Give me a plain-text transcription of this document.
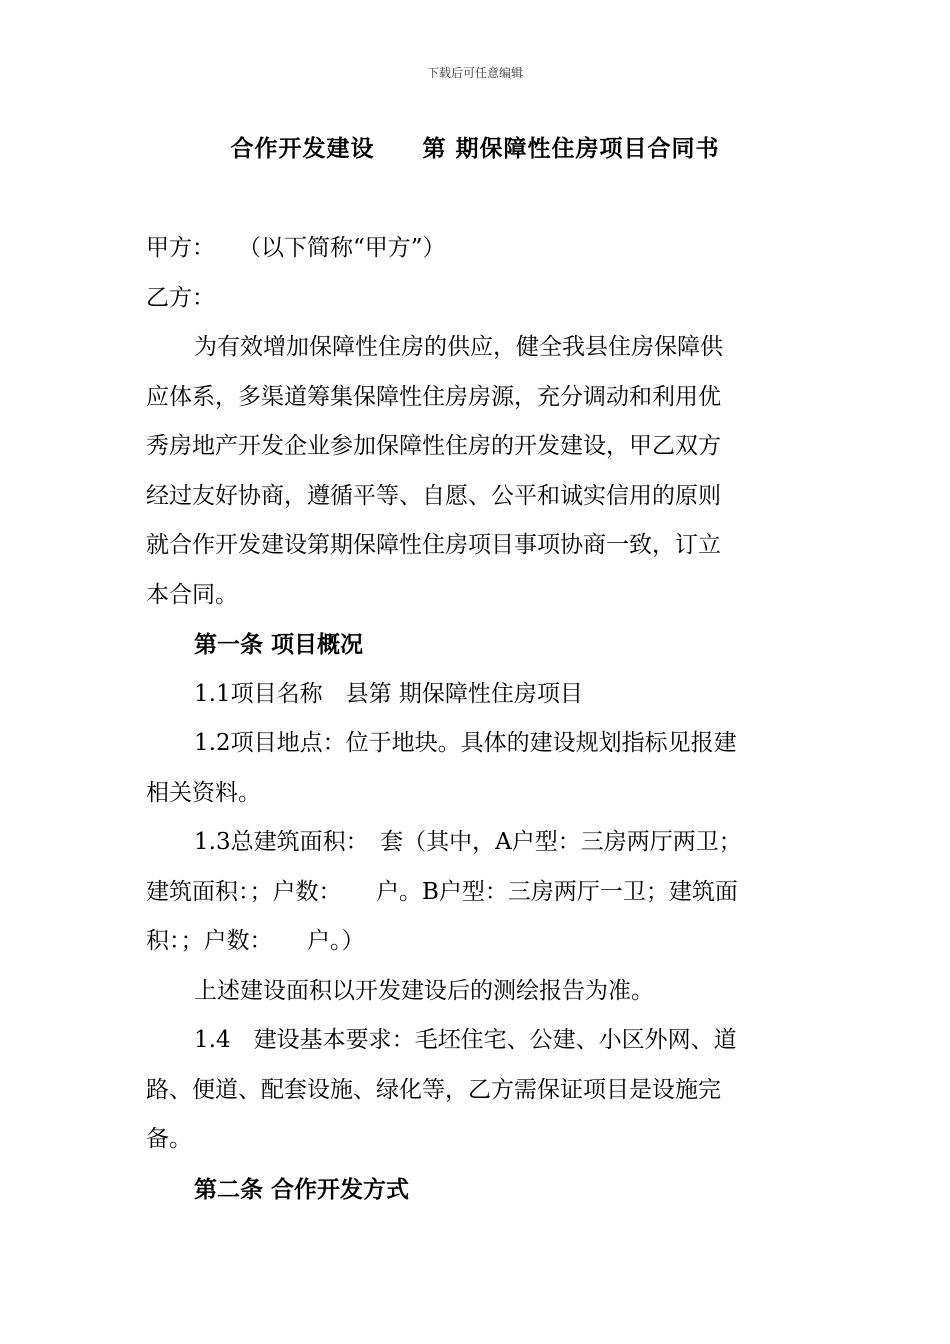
下载后可任意编辑
合作开发建设　　第 期保障性住房项目合同书
甲方：　　（以下简称“甲方”）
乙方：
为有效增加保障性住房的供应，健全我县住房保障供
应体系，多渠道筹集保障性住房房源，充分调动和利用优
秀房地产开发企业参加保障性住房的开发建设，甲乙双方
经过友好协商，遵循平等、自愿、公平和诚实信用的原则
就合作开发建设第期保障性住房项目事项协商一致，订立
本合同。
第一条 项目概况
1.1项目名称　县第 期保障性住房项目
1.2项目地点：位于地块。具体的建设规划指标见报建
相关资料。
1.3总建筑面积：　套（其中，A户型：三房两厅两卫；
建筑面积：；户数：　　户。B户型：三房两厅一卫；建筑面
积：；户数：　　户。）
上述建设面积以开发建设后的测绘报告为准。
1.4　建设基本要求：毛坯住宅、公建、小区外网、道
路、便道、配套设施、绿化等，乙方需保证项目是设施完
备。
第二条 合作开发方式
